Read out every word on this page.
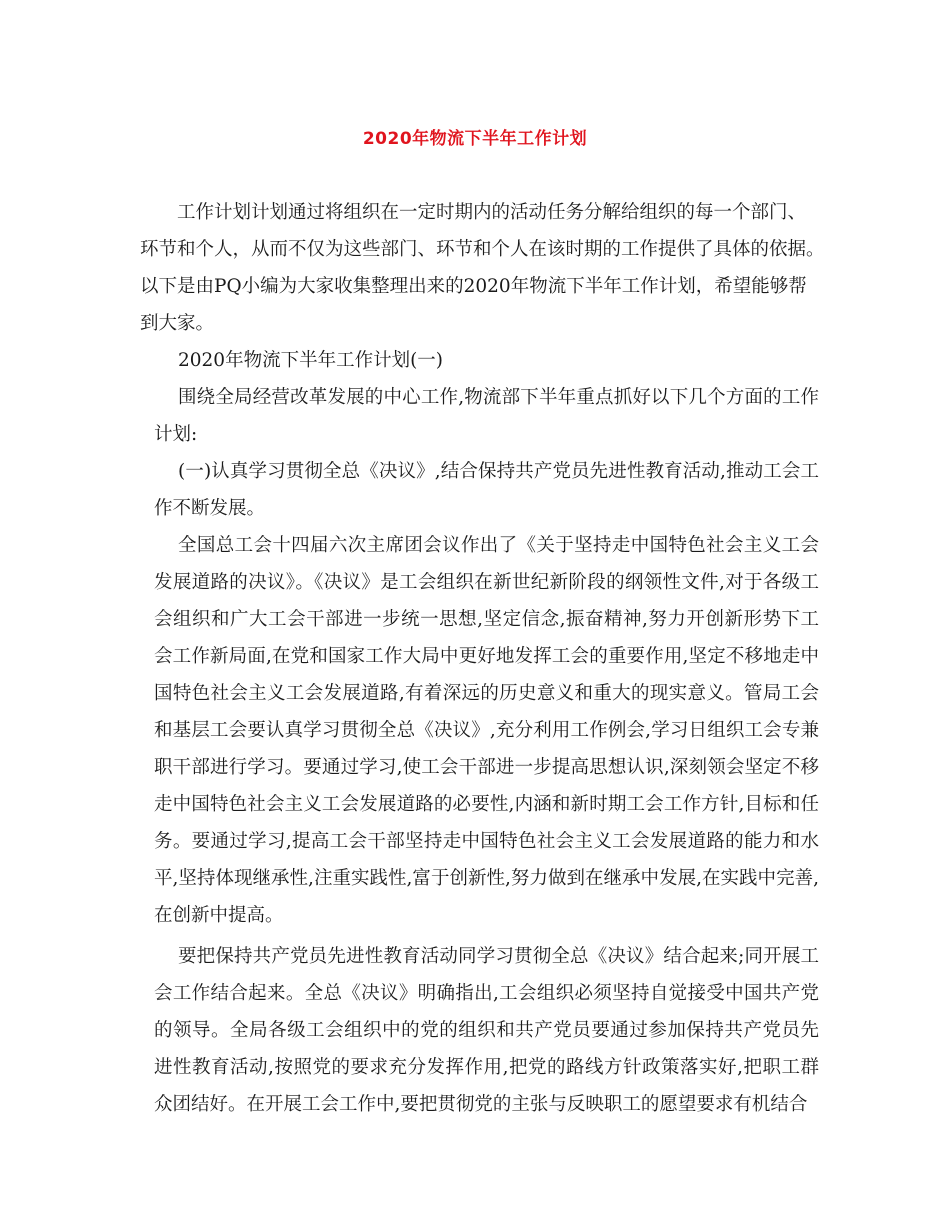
2020年物流下半年工作计划
工作计划计划通过将组织在一定时期内的活动任务分解给组织的每一个部门、
环节和个人，从而不仅为这些部门、环节和个人在该时期的工作提供了具体的依据。
以下是由PQ小编为大家收集整理出来的2020年物流下半年工作计划，希望能够帮
到大家。

2020年物流下半年工作计划(一)

围绕全局经营改革发展的中心工作,物流部下半年重点抓好以下几个方面的工作计划:

(一)认真学习贯彻全总《决议》,结合保持共产党员先进性教育活动,推动工会工作不断发展。

全国总工会十四届六次主席团会议作出了《关于坚持走中国特色社会主义工会发展道路的决议》。《决议》是工会组织在新世纪新阶段的纲领性文件,对于各级工会组织和广大工会干部进一步统一思想,坚定信念,振奋精神,努力开创新形势下工会工作新局面,在党和国家工作大局中更好地发挥工会的重要作用,坚定不移地走中国特色社会主义工会发展道路,有着深远的历史意义和重大的现实意义。管局工会和基层工会要认真学习贯彻全总《决议》,充分利用工作例会,学习日组织工会专兼职干部进行学习。要通过学习,使工会干部进一步提高思想认识,深刻领会坚定不移走中国特色社会主义工会发展道路的必要性,内涵和新时期工会工作方针,目标和任务。要通过学习,提高工会干部坚持走中国特色社会主义工会发展道路的能力和水平,坚持体现继承性,注重实践性,富于创新性,努力做到在继承中发展,在实践中完善,在创新中提高。

要把保持共产党员先进性教育活动同学习贯彻全总《决议》结合起来;同开展工会工作结合起来。全总《决议》明确指出,工会组织必须坚持自觉接受中国共产党的领导。全局各级工会组织中的党的组织和共产党员要通过参加保持共产党员先进性教育活动,按照党的要求充分发挥作用,把党的路线方针政策落实好,把职工群众团结好。在开展工会工作中,要把贯彻党的主张与反映职工的愿望要求有机结合
